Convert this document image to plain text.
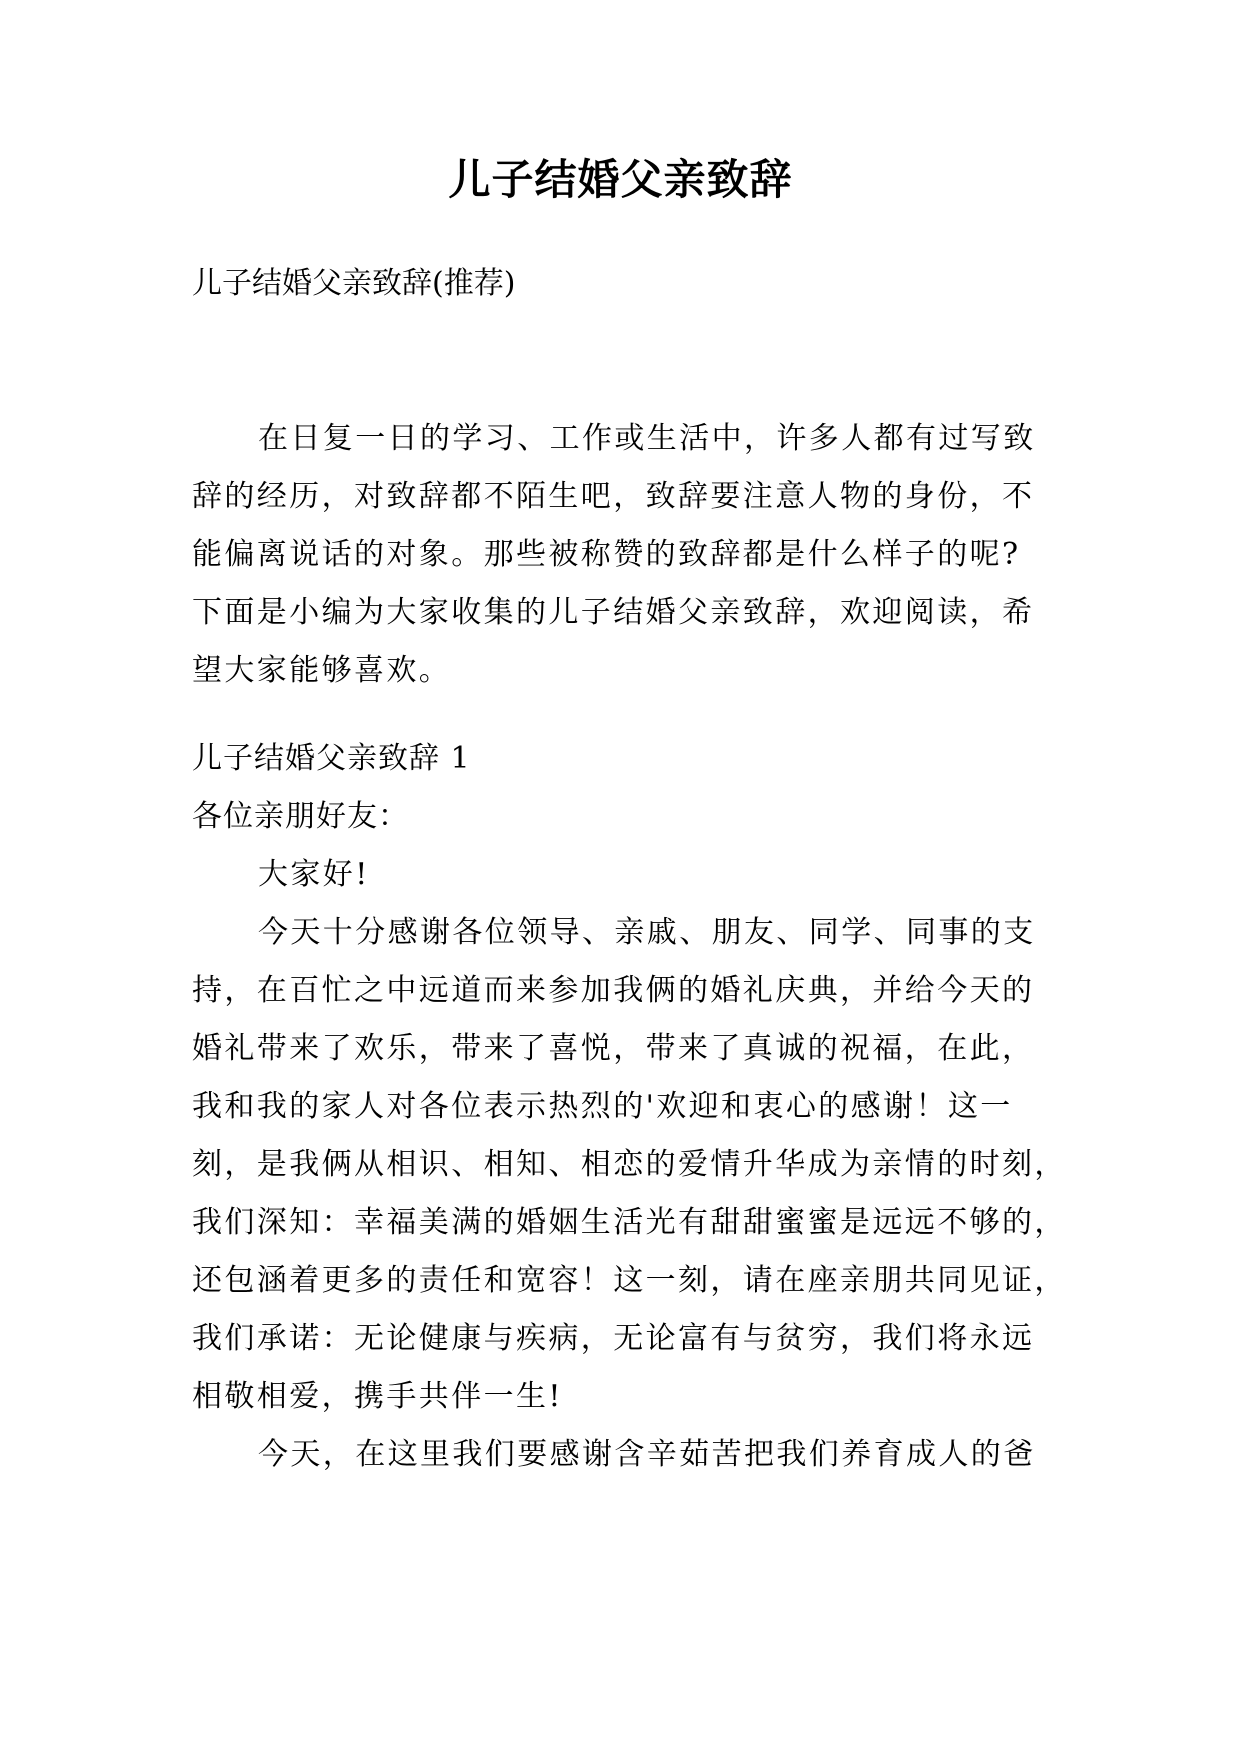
儿子结婚父亲致辞

儿子结婚父亲致辞(推荐)

在日复一日的学习、工作或生活中，许多人都有过写致
辞的经历，对致辞都不陌生吧，致辞要注意人物的身份，不
能偏离说话的对象。那些被称赞的致辞都是什么样子的呢?
下面是小编为大家收集的儿子结婚父亲致辞，欢迎阅读，希
望大家能够喜欢。
儿子结婚父亲致辞 1
各位亲朋好友：
大家好!
今天十分感谢各位领导、亲戚、朋友、同学、同事的支
持，在百忙之中远道而来参加我俩的婚礼庆典，并给今天的
婚礼带来了欢乐，带来了喜悦，带来了真诚的祝福，在此，
我和我的家人对各位表示热烈的'欢迎和衷心的感谢！这一
刻，是我俩从相识、相知、相恋的爱情升华成为亲情的时刻，
我们深知：幸福美满的婚姻生活光有甜甜蜜蜜是远远不够的，
还包涵着更多的责任和宽容！这一刻，请在座亲朋共同见证，
我们承诺：无论健康与疾病，无论富有与贫穷，我们将永远
相敬相爱，携手共伴一生!
今天，在这里我们要感谢含辛茹苦把我们养育成人的爸
